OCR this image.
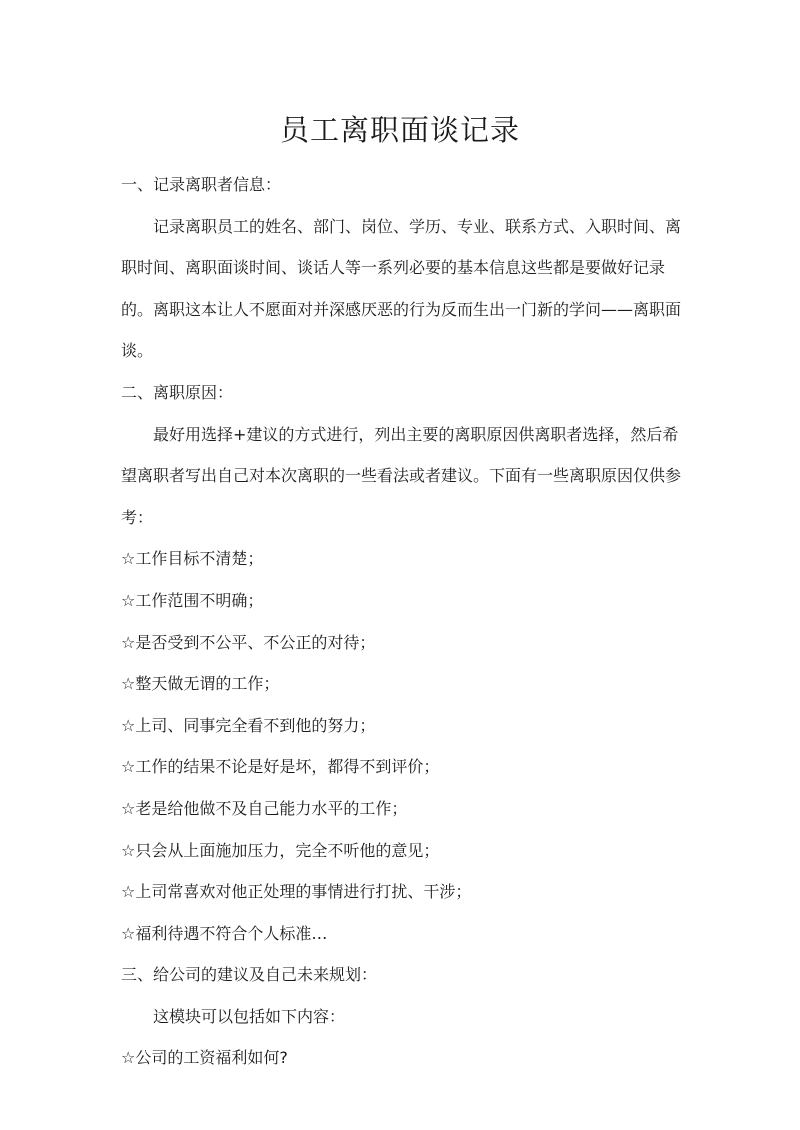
员工离职面谈记录

一、记录离职者信息：

记录离职员工的姓名、部门、岗位、学历、专业、联系方式、入职时间、离职时间、离职面谈时间、谈话人等一系列必要的基本信息这些都是要做好记录的。离职这本让人不愿面对并深感厌恶的行为反而生出一门新的学问——离职面谈。

二、离职原因：

最好用选择+建议的方式进行，列出主要的离职原因供离职者选择，然后希望离职者写出自己对本次离职的一些看法或者建议。下面有一些离职原因仅供参考：

☆工作目标不清楚；

☆工作范围不明确；

☆是否受到不公平、不公正的对待；

☆整天做无谓的工作；

☆上司、同事完全看不到他的努力；

☆工作的结果不论是好是坏，都得不到评价；

☆老是给他做不及自己能力水平的工作；

☆只会从上面施加压力，完全不听他的意见；

☆上司常喜欢对他正处理的事情进行打扰、干涉；

☆福利待遇不符合个人标准…

三、给公司的建议及自己未来规划：

这模块可以包括如下内容：

☆公司的工资福利如何?
